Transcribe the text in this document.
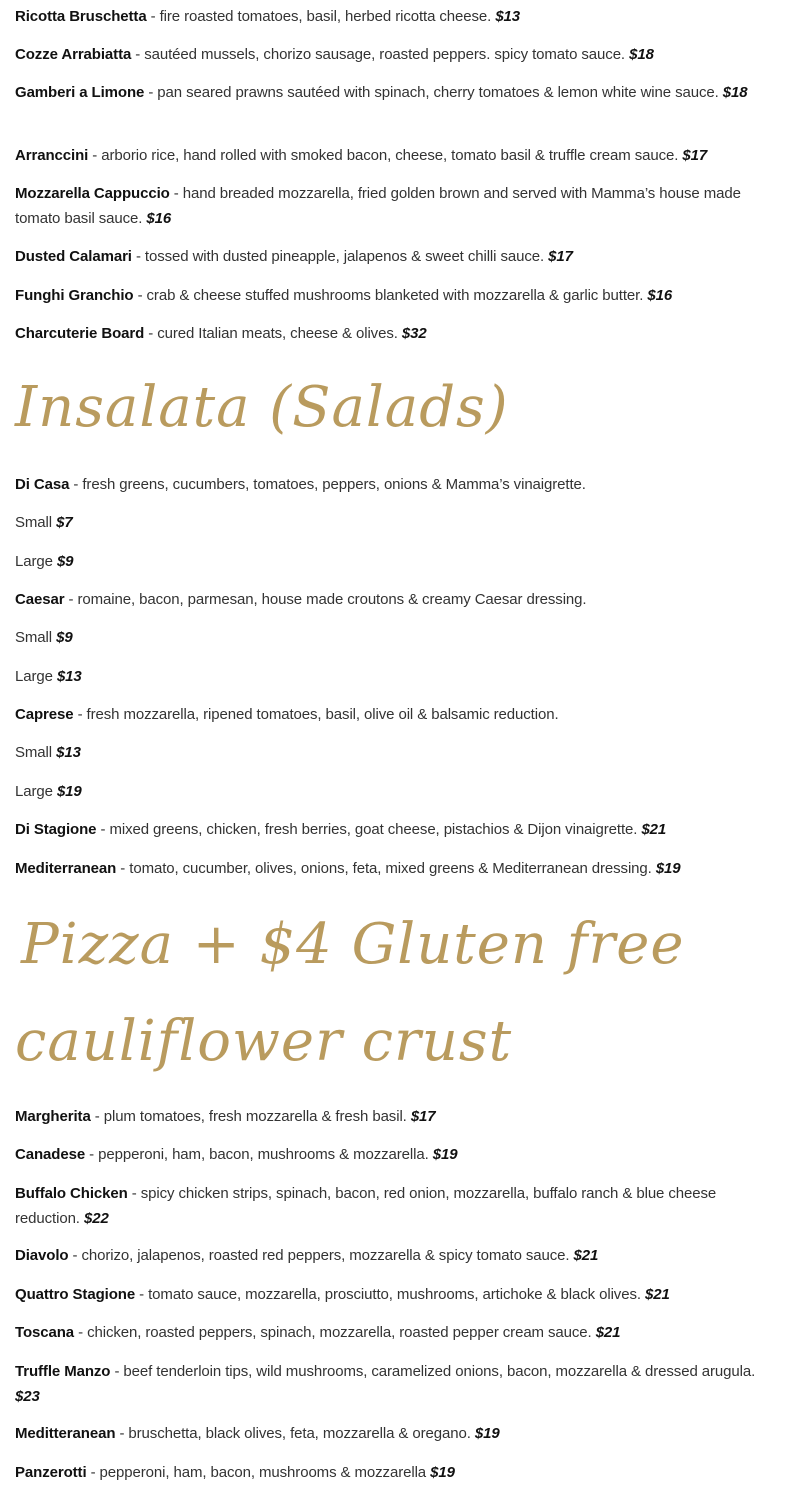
Ricotta Bruschetta - fire roasted tomatoes, basil, herbed ricotta cheese. $13
Cozze Arrabiatta - sautéed mussels, chorizo sausage, roasted peppers. spicy tomato sauce. $18
Gamberi a Limone - pan seared prawns sautéed with spinach, cherry tomatoes & lemon white wine sauce. $18
Arranccini - arborio rice, hand rolled with smoked bacon, cheese, tomato basil & truffle cream sauce. $17
Mozzarella Cappuccio - hand breaded mozzarella, fried golden brown and served with Mamma’s house made tomato basil sauce. $16
Dusted Calamari - tossed with dusted pineapple, jalapenos & sweet chilli sauce. $17
Funghi Granchio - crab & cheese stuffed mushrooms blanketed with mozzarella & garlic butter. $16
Charcuterie Board - cured Italian meats, cheese & olives. $32
Insalata (Salads)
Di Casa - fresh greens, cucumbers, tomatoes, peppers, onions & Mamma’s vinaigrette.
Small $7
Large $9
Caesar - romaine, bacon, parmesan, house made croutons & creamy Caesar dressing.
Small $9
Large $13
Caprese - fresh mozzarella, ripened tomatoes, basil, olive oil & balsamic reduction.
Small $13
Large $19
Di Stagione - mixed greens, chicken, fresh berries, goat cheese, pistachios & Dijon vinaigrette. $21
Mediterranean - tomato, cucumber, olives, onions, feta, mixed greens & Mediterranean dressing. $19
Pizza + $4 Gluten free
cauliflower crust
Margherita - plum tomatoes, fresh mozzarella & fresh basil. $17
Canadese - pepperoni, ham, bacon, mushrooms & mozzarella. $19
Buffalo Chicken - spicy chicken strips, spinach, bacon, red onion, mozzarella, buffalo ranch & blue cheese reduction. $22
Diavolo - chorizo, jalapenos, roasted red peppers, mozzarella & spicy tomato sauce. $21
Quattro Stagione - tomato sauce, mozzarella, prosciutto, mushrooms, artichoke & black olives. $21
Toscana - chicken, roasted peppers, spinach, mozzarella, roasted pepper cream sauce. $21
Truffle Manzo - beef tenderloin tips, wild mushrooms, caramelized onions, bacon, mozzarella & dressed arugula. $23
Meditteranean - bruschetta, black olives, feta, mozzarella & oregano. $19
Panzerotti - pepperoni, ham, bacon, mushrooms & mozzarella $19
